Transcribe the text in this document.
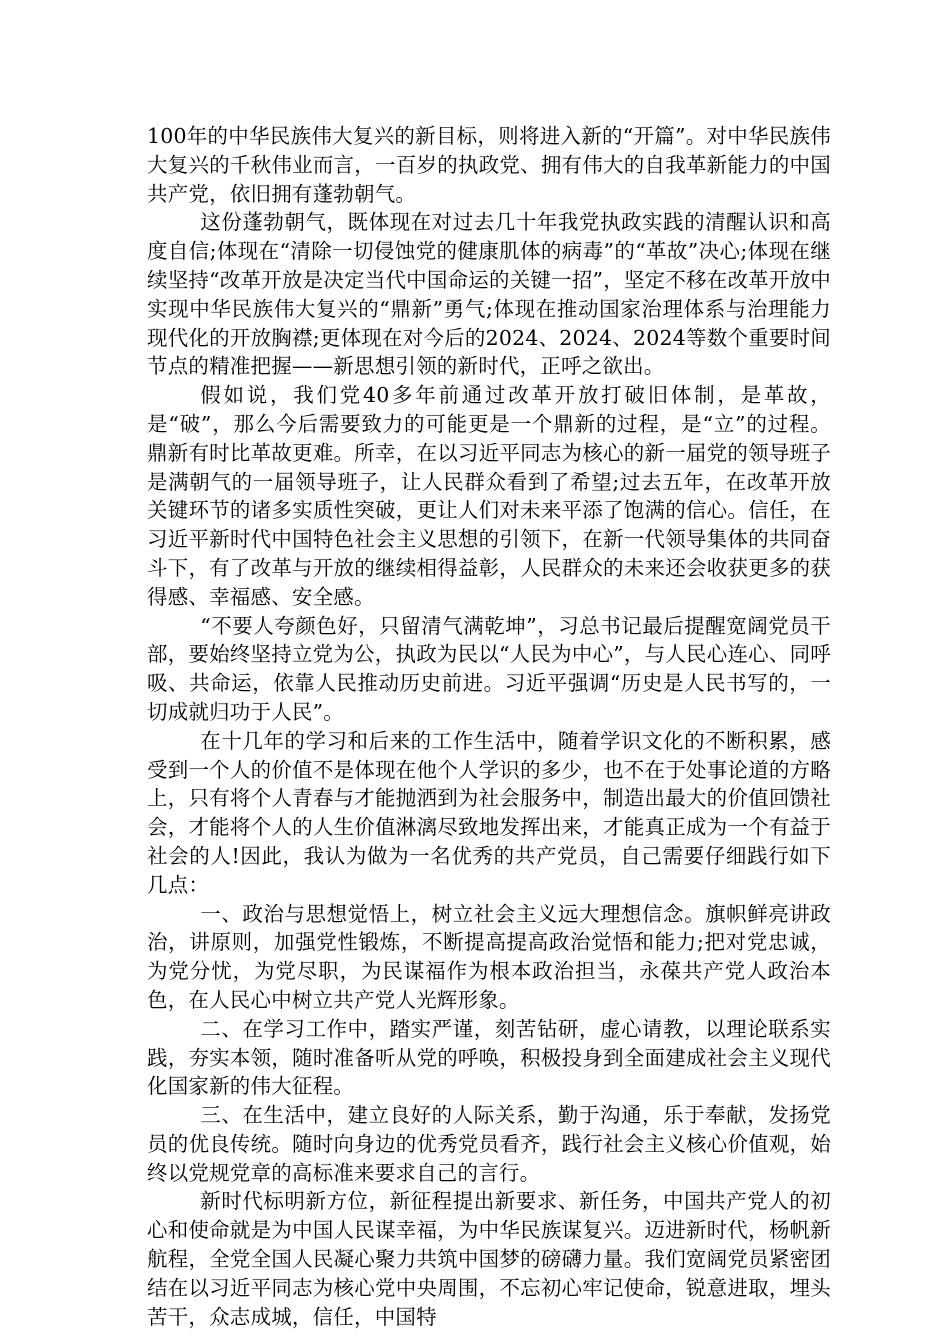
100年的中华民族伟大复兴的新目标，则将进入新的“开篇”。对中华民族伟大复兴的千秋伟业而言，一百岁的执政党、拥有伟大的自我革新能力的中国共产党，依旧拥有蓬勃朝气。

这份蓬勃朝气，既体现在对过去几十年我党执政实践的清醒认识和高度自信;体现在“清除一切侵蚀党的健康肌体的病毒”的“革故”决心;体现在继续坚持“改革开放是决定当代中国命运的关键一招”，坚定不移在改革开放中实现中华民族伟大复兴的“鼎新”勇气;体现在推动国家治理体系与治理能力现代化的开放胸襟;更体现在对今后的2024、2024、2024等数个重要时间节点的精准把握——新思想引领的新时代，正呼之欲出。

假如说，我们党40多年前通过改革开放打破旧体制，是革故，是“破”，那么今后需要致力的可能更是一个鼎新的过程，是“立”的过程。鼎新有时比革故更难。所幸，在以习近平同志为核心的新一届党的领导班子是满朝气的一届领导班子，让人民群众看到了希望;过去五年，在改革开放关键环节的诸多实质性突破，更让人们对未来平添了饱满的信心。信任，在习近平新时代中国特色社会主义思想的引领下，在新一代领导集体的共同奋斗下，有了改革与开放的继续相得益彰，人民群众的未来还会收获更多的获得感、幸福感、安全感。

“不要人夸颜色好，只留清气满乾坤”，习总书记最后提醒宽阔党员干部，要始终坚持立党为公，执政为民以“人民为中心”，与人民心连心、同呼吸、共命运，依靠人民推动历史前进。习近平强调“历史是人民书写的，一切成就归功于人民”。

在十几年的学习和后来的工作生活中，随着学识文化的不断积累，感受到一个人的价值不是体现在他个人学识的多少，也不在于处事论道的方略上，只有将个人青春与才能抛洒到为社会服务中，制造出最大的价值回馈社会，才能将个人的人生价值淋漓尽致地发挥出来，才能真正成为一个有益于社会的人!因此，我认为做为一名优秀的共产党员，自己需要仔细践行如下几点：

一、政治与思想觉悟上，树立社会主义远大理想信念。旗帜鲜亮讲政治，讲原则，加强党性锻炼，不断提高提高政治觉悟和能力;把对党忠诚，为党分忧，为党尽职，为民谋福作为根本政治担当，永葆共产党人政治本色，在人民心中树立共产党人光辉形象。

二、在学习工作中，踏实严谨，刻苦钻研，虚心请教，以理论联系实践，夯实本领，随时准备听从党的呼唤，积极投身到全面建成社会主义现代化国家新的伟大征程。

三、在生活中，建立良好的人际关系，勤于沟通，乐于奉献，发扬党员的优良传统。随时向身边的优秀党员看齐，践行社会主义核心价值观，始终以党规党章的高标准来要求自己的言行。

新时代标明新方位，新征程提出新要求、新任务，中国共产党人的初心和使命就是为中国人民谋幸福，为中华民族谋复兴。迈进新时代，杨帆新航程，全党全国人民凝心聚力共筑中国梦的磅礴力量。我们宽阔党员紧密团结在以习近平同志为核心党中央周围，不忘初心牢记使命，锐意进取，埋头苦干，众志成城，信任，中国特
